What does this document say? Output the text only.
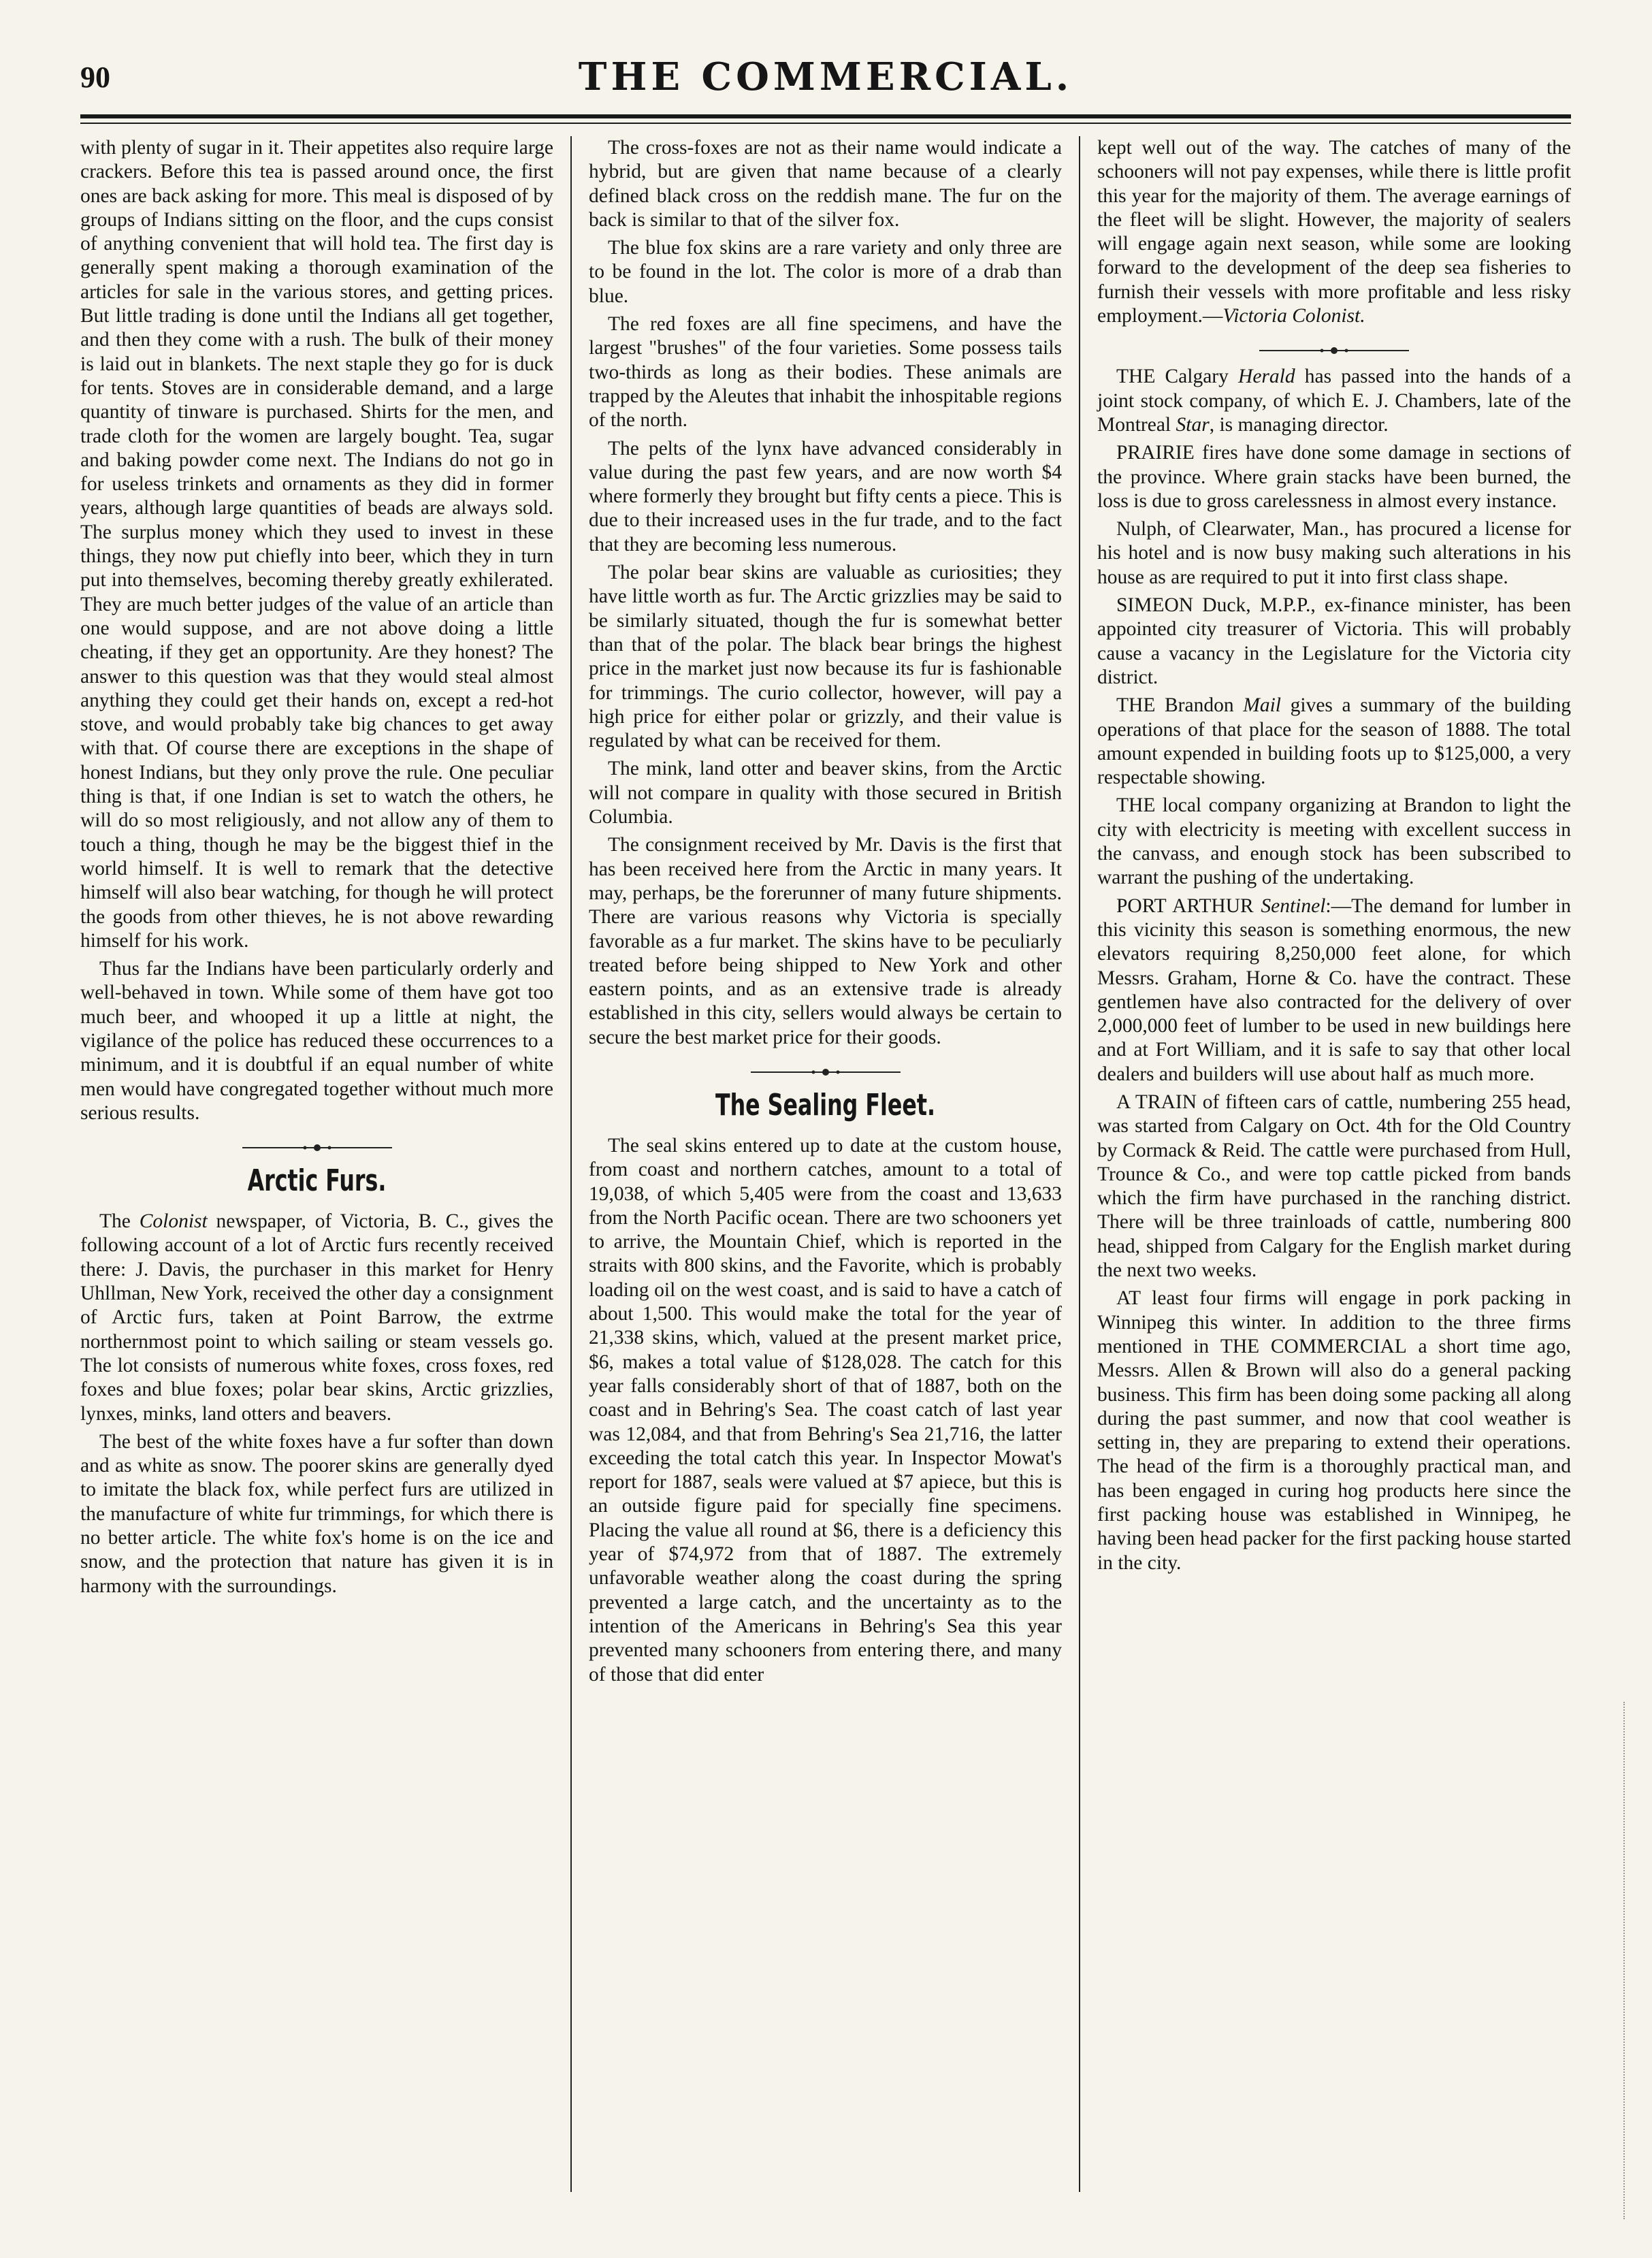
90	THE COMMERCIAL.

with plenty of sugar in it. Their appetites also require large crackers. Before this tea is passed around once, the first ones are back asking for more. This meal is disposed of by groups of Indians sitting on the floor, and the cups consist of anything convenient that will hold tea. The first day is generally spent making a thorough examination of the articles for sale in the various stores, and getting prices. But little trading is done until the Indians all get together, and then they come with a rush. The bulk of their money is laid out in blankets. The next staple they go for is duck for tents. Stoves are in considerable demand, and a large quantity of tinware is purchased. Shirts for the men, and trade cloth for the women are largely bought. Tea, sugar and baking powder come next. The Indians do not go in for useless trinkets and ornaments as they did in former years, although large quantities of beads are always sold. The surplus money which they used to invest in these things, they now put chiefly into beer, which they in turn put into themselves, becoming thereby greatly exhilerated. They are much better judges of the value of an article than one would suppose, and are not above doing a little cheating, if they get an opportunity. Are they honest? The answer to this question was that they would steal almost anything they could get their hands on, except a red-hot stove, and would probably take big chances to get away with that. Of course there are exceptions in the shape of honest Indians, but they only prove the rule. One peculiar thing is that, if one Indian is set to watch the others, he will do so most religiously, and not allow any of them to touch a thing, though he may be the biggest thief in the world himself. It is well to remark that the detective himself will also bear watching, for though he will protect the goods from other thieves, he is not above rewarding himself for his work.

Thus far the Indians have been particularly orderly and well-behaved in town. While some of them have got too much beer, and whooped it up a little at night, the vigilance of the police has reduced these occurrences to a minimum, and it is doubtful if an equal number of white men would have congregated together without much more serious results.

Arctic Furs.

The Colonist newspaper, of Victoria, B. C., gives the following account of a lot of Arctic furs recently received there: J. Davis, the purchaser in this market for Henry Uhllman, New York, received the other day a consignment of Arctic furs, taken at Point Barrow, the extrme northernmost point to which sailing or steam vessels go. The lot consists of numerous white foxes, cross foxes, red foxes and blue foxes; polar bear skins, Arctic grizzlies, lynxes, minks, land otters and beavers.

The best of the white foxes have a fur softer than down and as white as snow. The poorer skins are generally dyed to imitate the black fox, while perfect furs are utilized in the manufacture of white fur trimmings, for which there is no better article. The white fox's home is on the ice and snow, and the protection that nature has given it is in harmony with the surroundings.

The cross-foxes are not as their name would indicate a hybrid, but are given that name because of a clearly defined black cross on the reddish mane. The fur on the back is similar to that of the silver fox.

The blue fox skins are a rare variety and only three are to be found in the lot. The color is more of a drab than blue.

The red foxes are all fine specimens, and have the largest "brushes" of the four varieties. Some possess tails two-thirds as long as their bodies. These animals are trapped by the Aleutes that inhabit the inhospitable regions of the north.

The pelts of the lynx have advanced considerably in value during the past few years, and are now worth $4 where formerly they brought but fifty cents a piece. This is due to their increased uses in the fur trade, and to the fact that they are becoming less numerous.

The polar bear skins are valuable as curiosities; they have little worth as fur. The Arctic grizzlies may be said to be similarly situated, though the fur is somewhat better than that of the polar. The black bear brings the highest price in the market just now because its fur is fashionable for trimmings. The curio collector, however, will pay a high price for either polar or grizzly, and their value is regulated by what can be received for them.

The mink, land otter and beaver skins, from the Arctic will not compare in quality with those secured in British Columbia.

The consignment received by Mr. Davis is the first that has been received here from the Arctic in many years. It may, perhaps, be the forerunner of many future shipments. There are various reasons why Victoria is specially favorable as a fur market. The skins have to be peculiarly treated before being shipped to New York and other eastern points, and as an extensive trade is already established in this city, sellers would always be certain to secure the best market price for their goods.

The Sealing Fleet.

The seal skins entered up to date at the custom house, from coast and northern catches, amount to a total of 19,038, of which 5,405 were from the coast and 13,633 from the North Pacific ocean. There are two schooners yet to arrive, the Mountain Chief, which is reported in the straits with 800 skins, and the Favorite, which is probably loading oil on the west coast, and is said to have a catch of about 1,500. This would make the total for the year of 21,338 skins, which, valued at the present market price, $6, makes a total value of $128,028. The catch for this year falls considerably short of that of 1887, both on the coast and in Behring's Sea. The coast catch of last year was 12,084, and that from Behring's Sea 21,716, the latter exceeding the total catch this year. In Inspector Mowat's report for 1887, seals were valued at $7 apiece, but this is an outside figure paid for specially fine specimens. Placing the value all round at $6, there is a deficiency this year of $74,972 from that of 1887. The extremely unfavorable weather along the coast during the spring prevented a large catch, and the uncertainty as to the intention of the Americans in Behring's Sea this year prevented many schooners from entering there, and many of those that did enter

kept well out of the way. The catches of many of the schooners will not pay expenses, while there is little profit this year for the majority of them. The average earnings of the fleet will be slight. However, the majority of sealers will engage again next season, while some are looking forward to the development of the deep sea fisheries to furnish their vessels with more profitable and less risky employment.—Victoria Colonist.

THE Calgary Herald has passed into the hands of a joint stock company, of which E. J. Chambers, late of the Montreal Star, is managing director.

PRAIRIE fires have done some damage in sections of the province. Where grain stacks have been burned, the loss is due to gross carelessness in almost every instance.

Nulph, of Clearwater, Man., has procured a license for his hotel and is now busy making such alterations in his house as are required to put it into first class shape.

SIMEON Duck, M.P.P., ex-finance minister, has been appointed city treasurer of Victoria. This will probably cause a vacancy in the Legislature for the Victoria city district.

THE Brandon Mail gives a summary of the building operations of that place for the season of 1888. The total amount expended in building foots up to $125,000, a very respectable showing.

THE local company organizing at Brandon to light the city with electricity is meeting with excellent success in the canvass, and enough stock has been subscribed to warrant the pushing of the undertaking.

PORT ARTHUR Sentinel:—The demand for lumber in this vicinity this season is something enormous, the new elevators requiring 8,250,000 feet alone, for which Messrs. Graham, Horne & Co. have the contract. These gentlemen have also contracted for the delivery of over 2,000,000 feet of lumber to be used in new buildings here and at Fort William, and it is safe to say that other local dealers and builders will use about half as much more.

A TRAIN of fifteen cars of cattle, numbering 255 head, was started from Calgary on Oct. 4th for the Old Country by Cormack & Reid. The cattle were purchased from Hull, Trounce & Co., and were top cattle picked from bands which the firm have purchased in the ranching district. There will be three trainloads of cattle, numbering 800 head, shipped from Calgary for the English market during the next two weeks.

AT least four firms will engage in pork packing in Winnipeg this winter. In addition to the three firms mentioned in THE COMMERCIAL a short time ago, Messrs. Allen & Brown will also do a general packing business. This firm has been doing some packing all along during the past summer, and now that cool weather is setting in, they are preparing to extend their operations. The head of the firm is a thoroughly practical man, and has been engaged in curing hog products here since the first packing house was established in Winnipeg, he having been head packer for the first packing house started in the city.
